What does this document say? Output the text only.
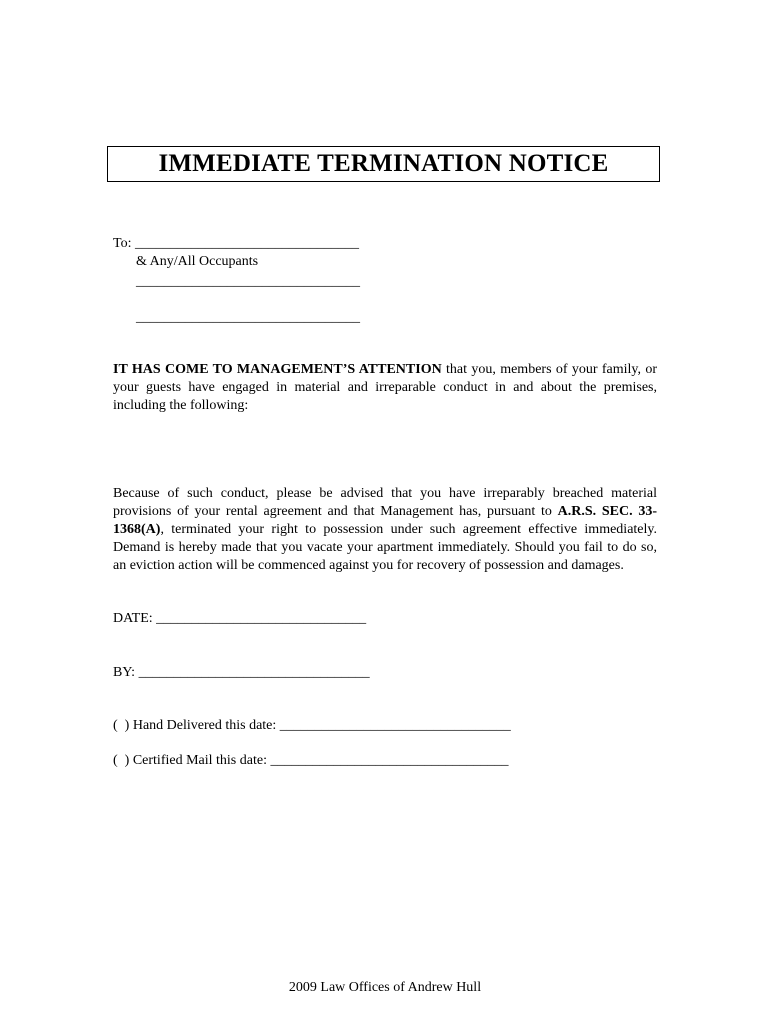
IMMEDIATE TERMINATION NOTICE
To: ________________________________
& Any/All Occupants
________________________________
________________________________
IT HAS COME TO MANAGEMENT’S ATTENTION that you, members of your family, or your guests have engaged in material and irreparable conduct in and about the premises, including the following:
Because of such conduct, please be advised that you have irreparably breached material provisions of your rental agreement and that Management has, pursuant to A.R.S. SEC. 33-1368(A), terminated your right to possession under such agreement effective immediately. Demand is hereby made that you vacate your apartment immediately. Should you fail to do so, an eviction action will be commenced against you for recovery of possession and damages.
DATE: ______________________________
BY: _________________________________
(  ) Hand Delivered this date: _________________________________
(  ) Certified Mail this date: __________________________________
2009 Law Offices of Andrew Hull
